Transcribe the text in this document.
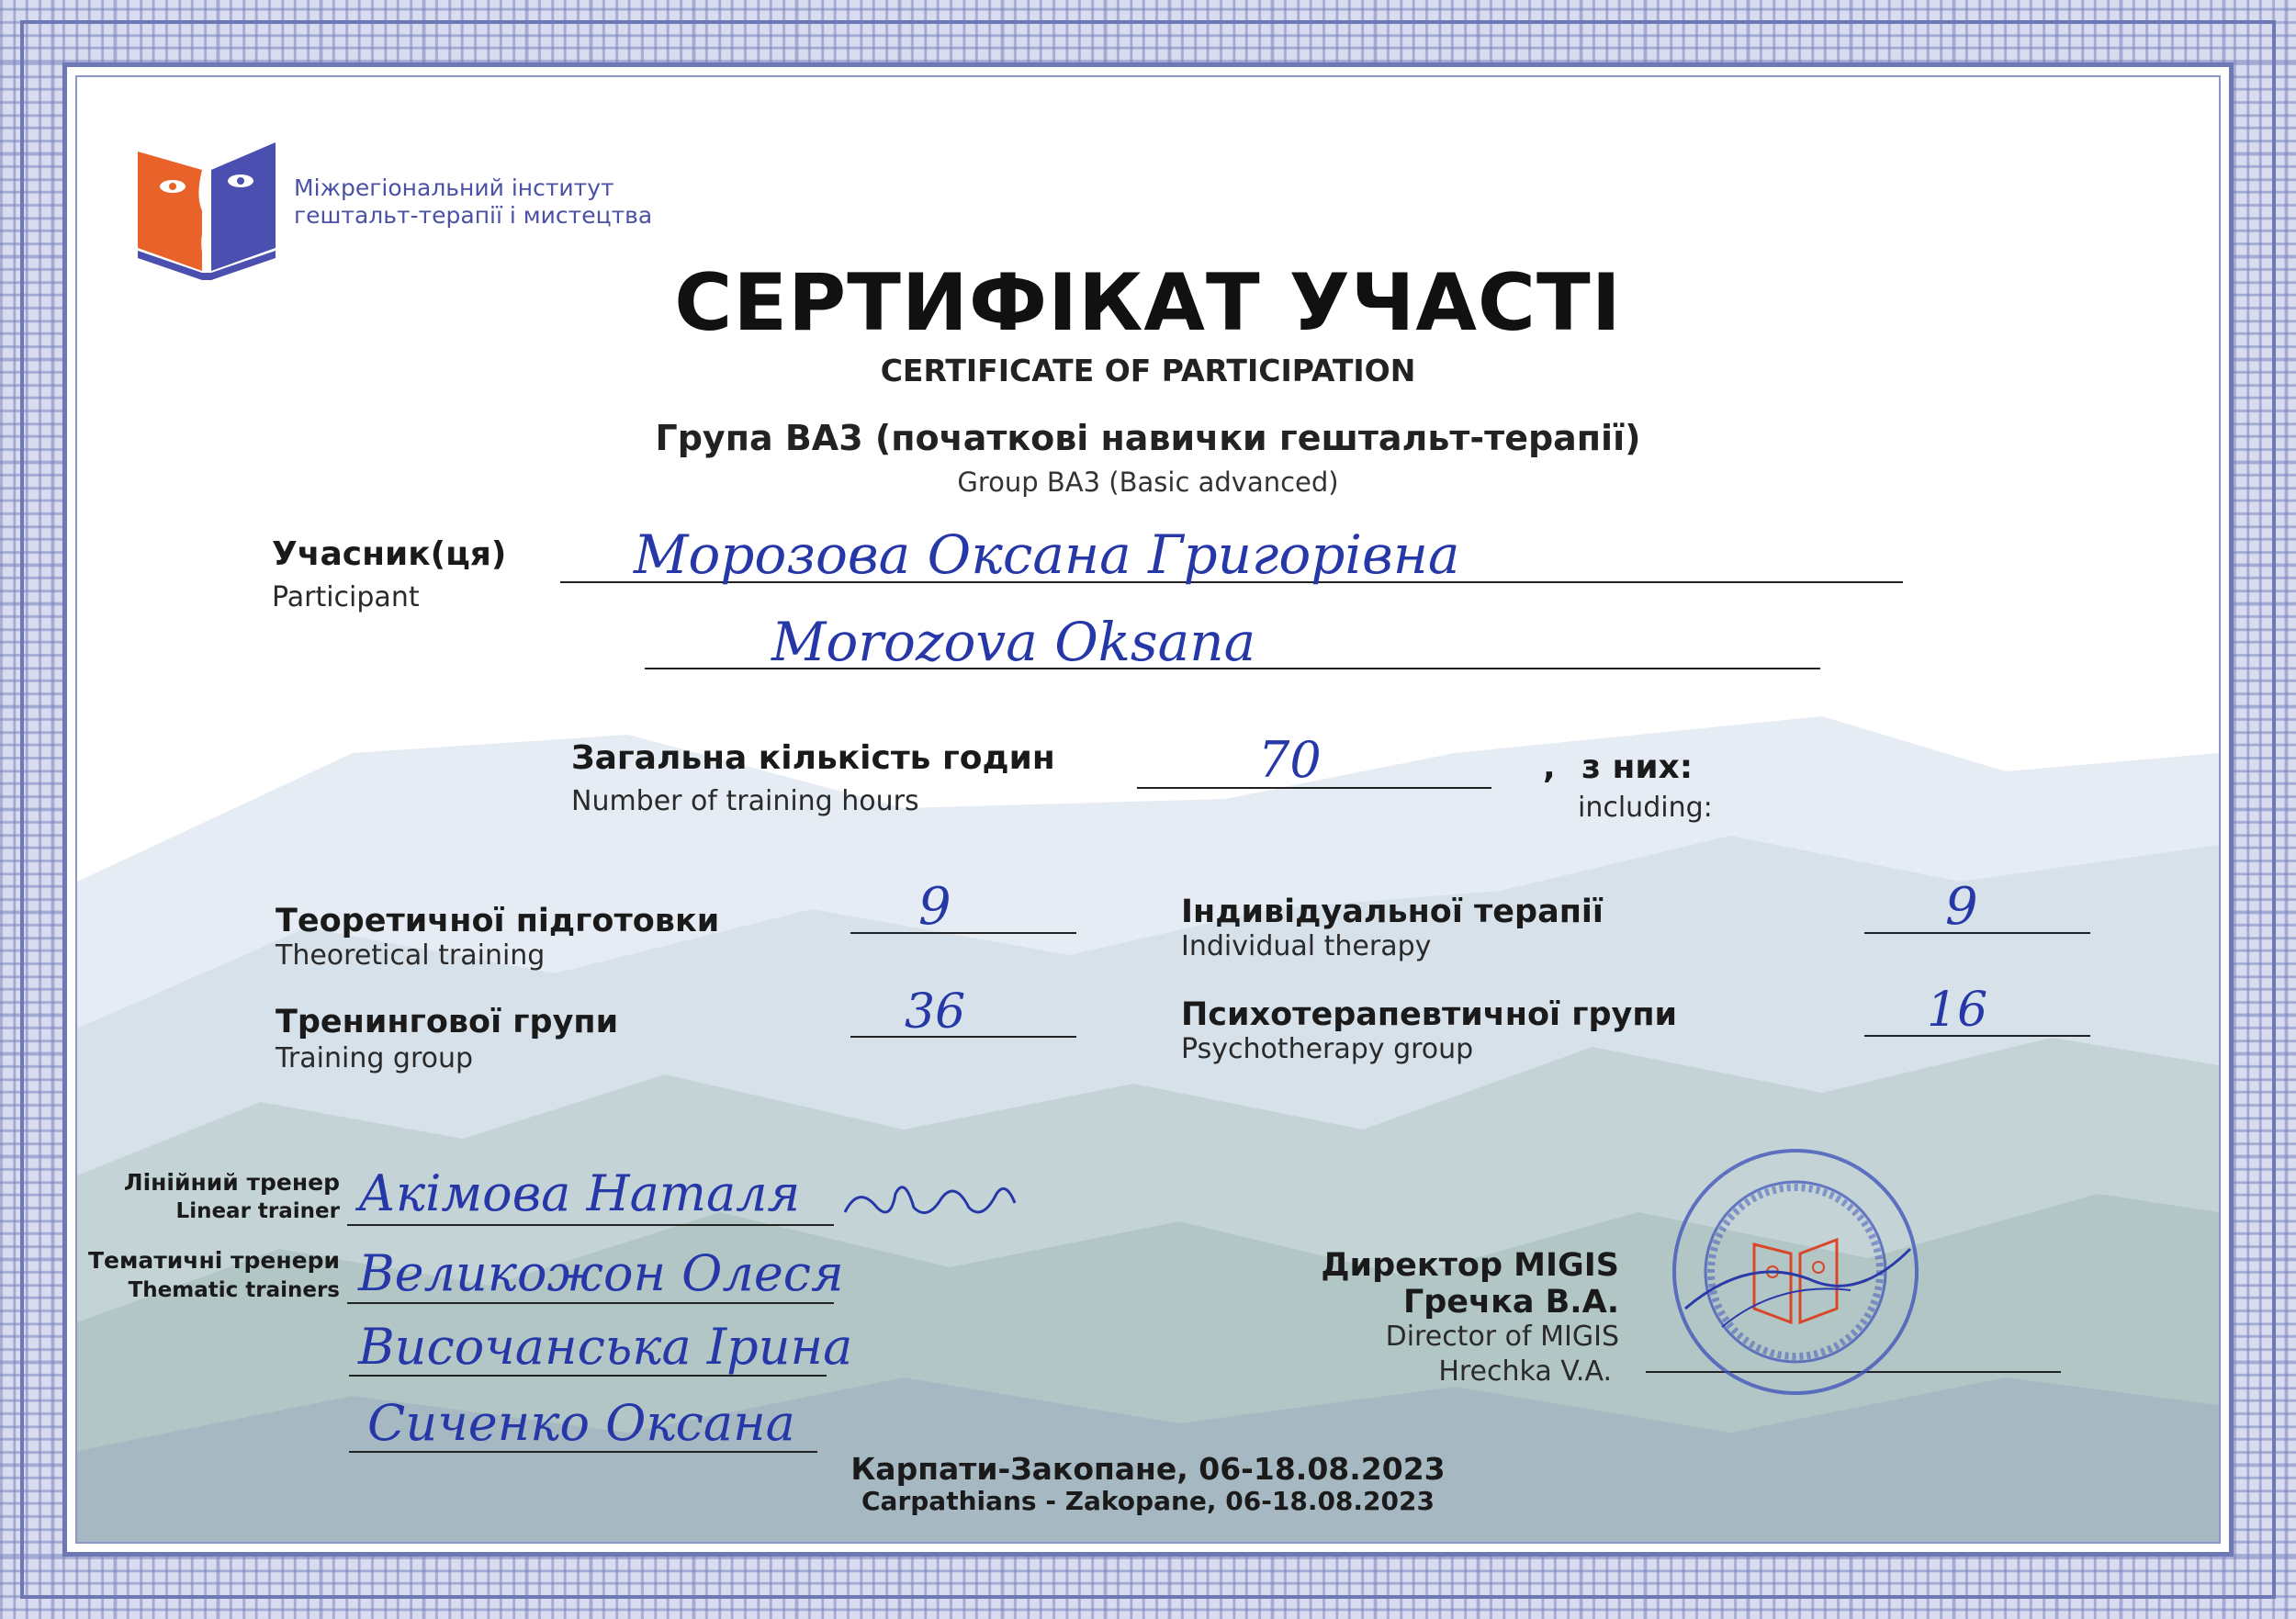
Міжрегіональний інститут
гештальт-терапії і мистецтва
СЕРТИФІКАТ УЧАСТІ
CERTIFICATE OF PARTICIPATION
Група ВА3 (початкові навички гештальт-терапії)
Group ВА3 (Basic advanced)
Учасник(ця)
Participant
Морозова Оксана Григорівна
Morozova Oksana
Загальна кількість годин
Number of training hours
70	, з них:
including:
Теоретичної підготовки
Theoretical training
9
Тренингової групи
Training group
36
Індивідуальної терапії
Individual therapy
9
Психотерапевтичної групи
Psychotherapy group
16
Лінійний тренер
Linear trainer Акімова Наталя
Тематичні тренери
Thematic trainers Великожон Олеся
Височанська Ірина
Сиченко Оксана
Директор MIGIS
Гречка В.А.
Director of MIGIS
Hrechka V.A.
Карпати-Закопане, 06-18.08.2023
Carpathians - Zakopane, 06-18.08.2023
